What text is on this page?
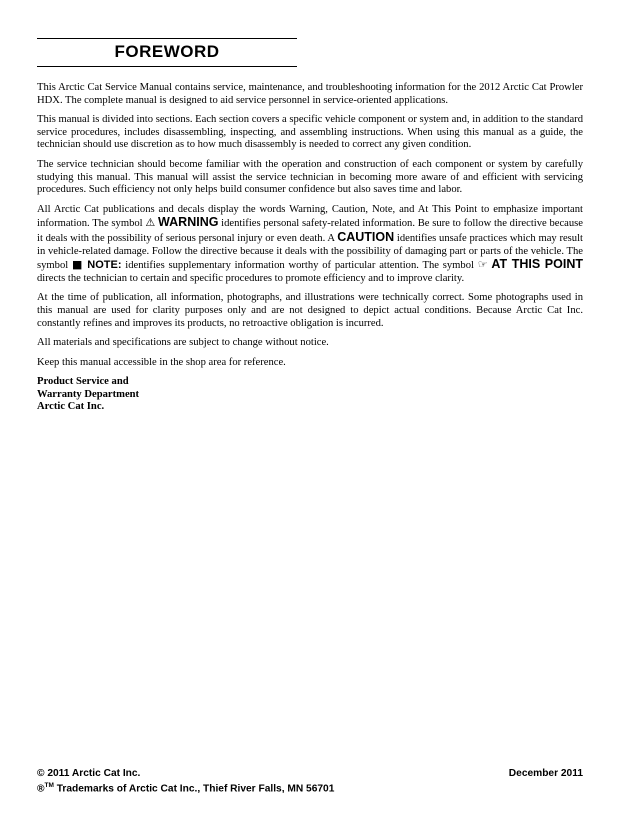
FOREWORD

This Arctic Cat Service Manual contains service, maintenance, and troubleshooting information for the 2012 Arctic Cat Prowler HDX. The complete manual is designed to aid service personnel in service-oriented applications.

This manual is divided into sections. Each section covers a specific vehicle component or system and, in addition to the standard service procedures, includes disassembling, inspecting, and assembling instructions. When using this manual as a guide, the technician should use discretion as to how much disassembly is needed to correct any given condition.

The service technician should become familiar with the operation and construction of each component or system by carefully studying this manual. This manual will assist the service technician in becoming more aware of and efficient with servicing procedures. Such efficiency not only helps build consumer confidence but also saves time and labor.

All Arctic Cat publications and decals display the words Warning, Caution, Note, and At This Point to emphasize important information. The symbol ⚠ WARNING identifies personal safety-related information. Be sure to follow the directive because it deals with the possibility of serious personal injury or even death. A CAUTION identifies unsafe practices which may result in vehicle-related damage. Follow the directive because it deals with the possibility of damaging part or parts of the vehicle. The symbol ■ NOTE: identifies supplementary information worthy of particular attention. The symbol ☞ AT THIS POINT directs the technician to certain and specific procedures to promote efficiency and to improve clarity.

At the time of publication, all information, photographs, and illustrations were technically correct. Some photographs used in this manual are used for clarity purposes only and are not designed to depict actual conditions. Because Arctic Cat Inc. constantly refines and improves its products, no retroactive obligation is incurred.

All materials and specifications are subject to change without notice.

Keep this manual accessible in the shop area for reference.

Product Service and
Warranty Department
Arctic Cat Inc.
© 2011 Arctic Cat Inc.	December 2011
®™ Trademarks of Arctic Cat Inc., Thief River Falls, MN 56701
